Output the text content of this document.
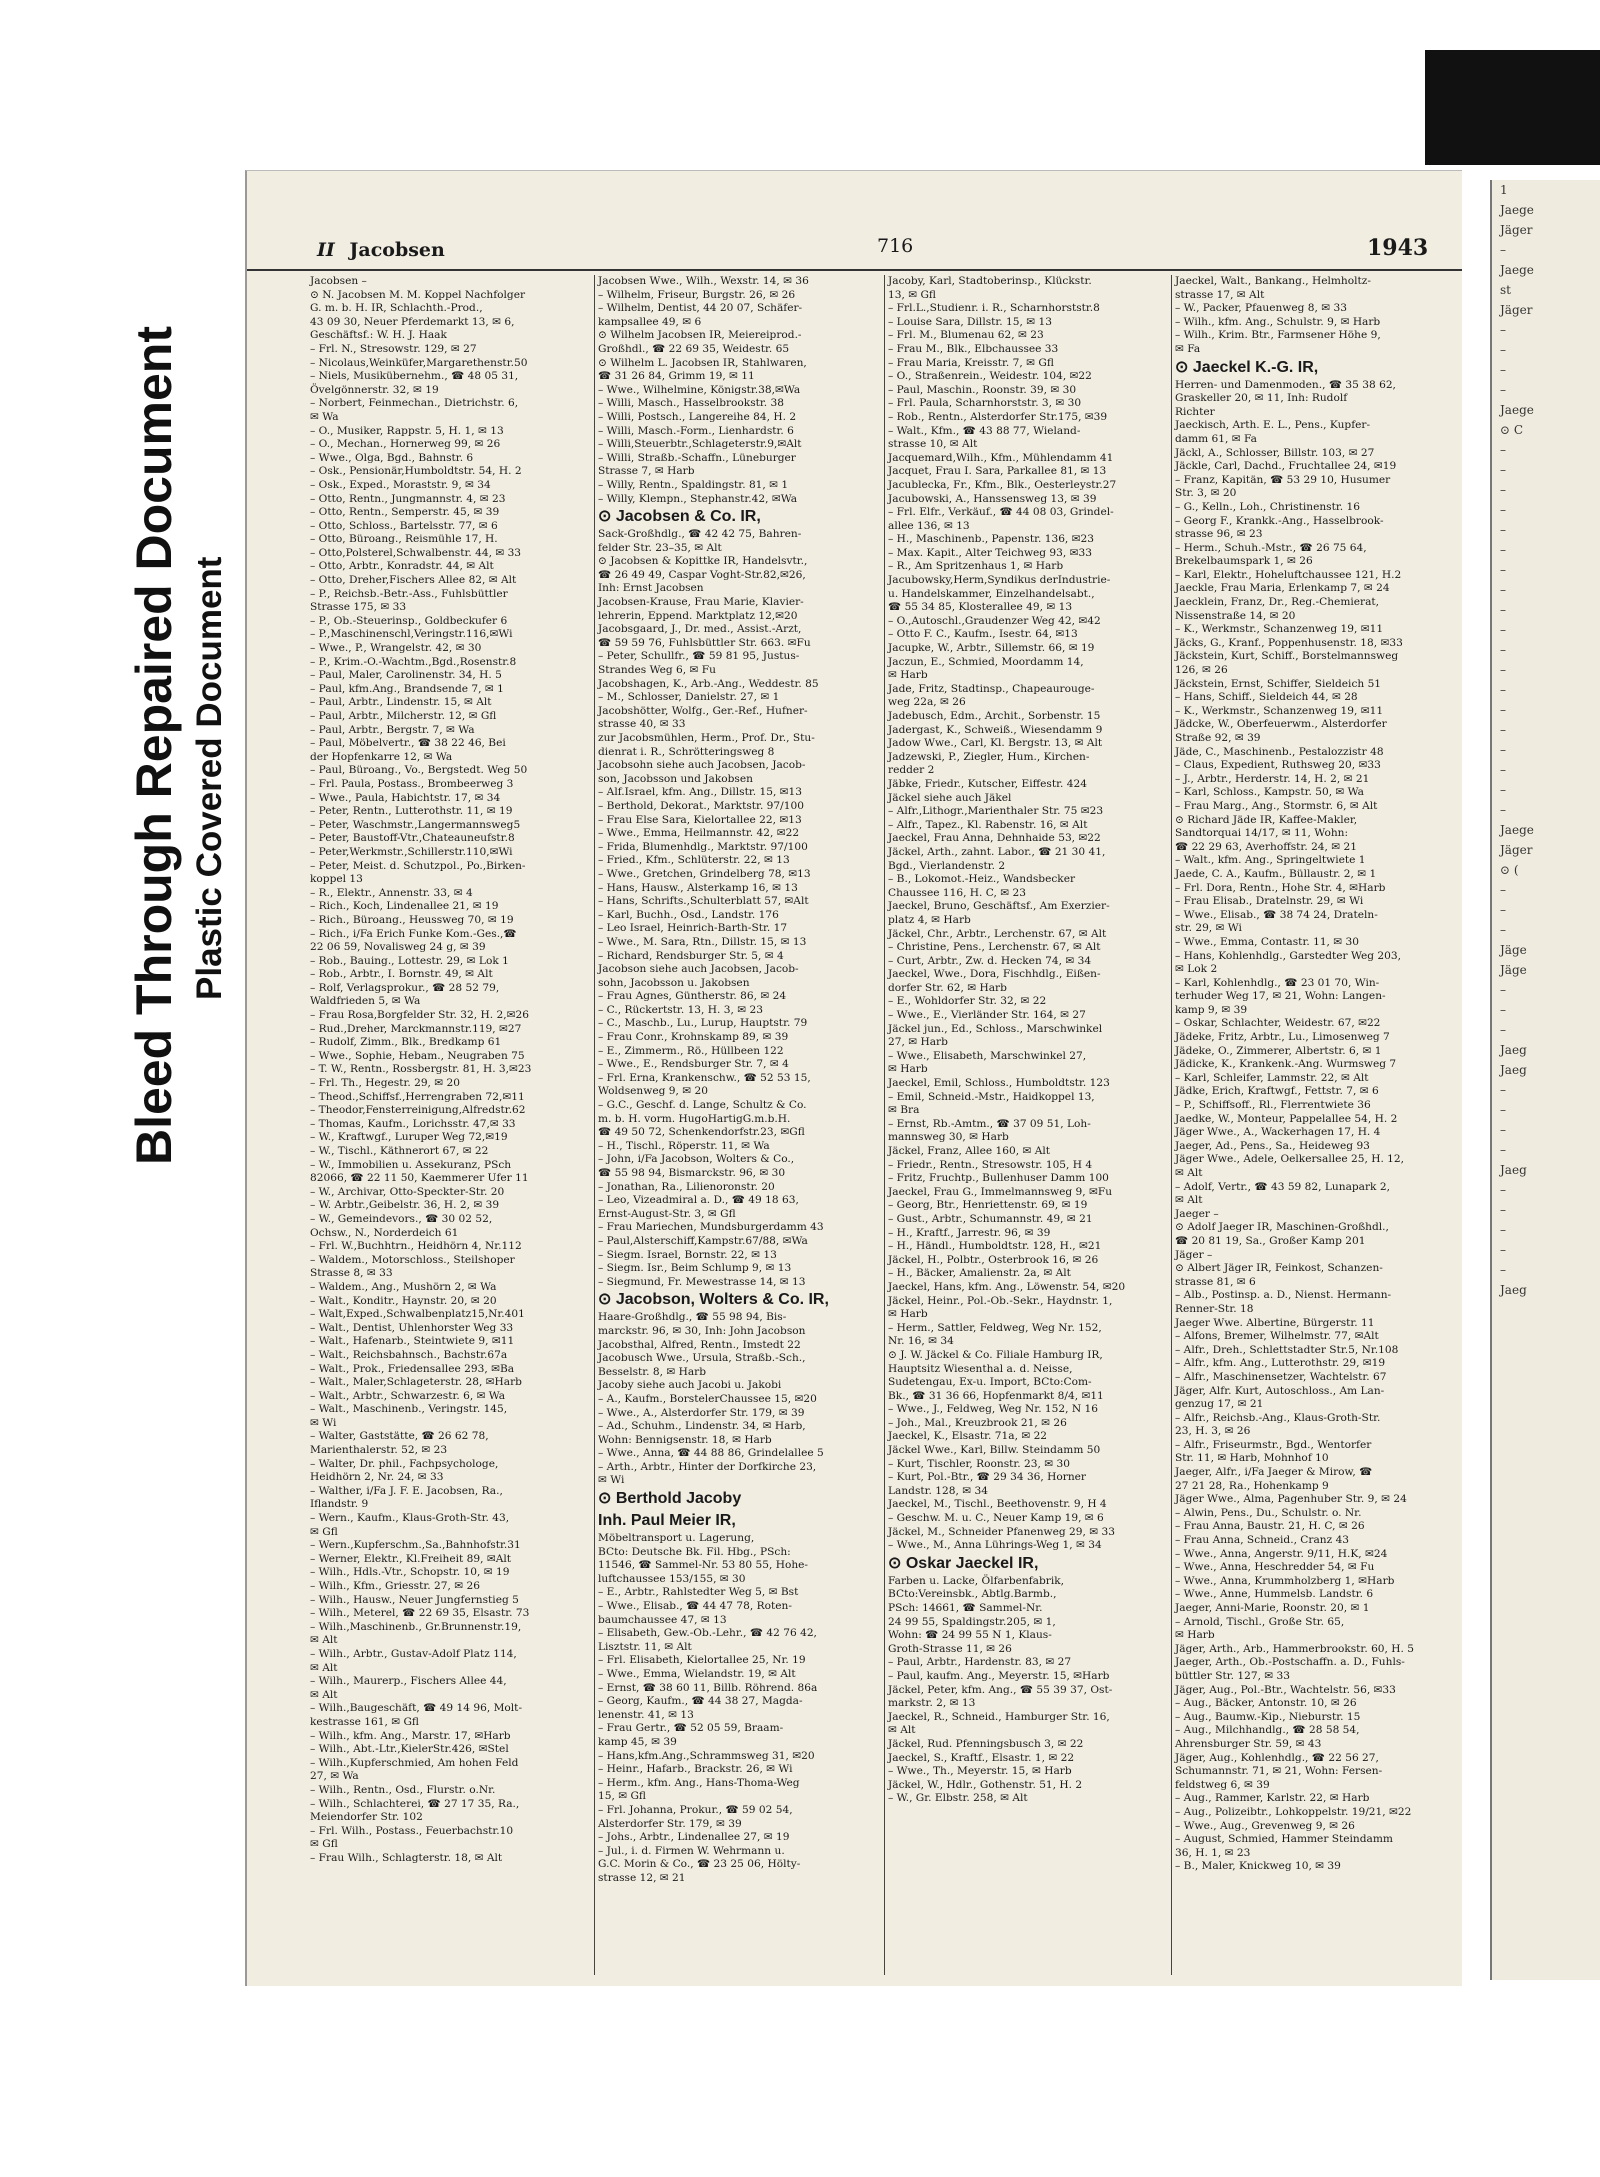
Bleed Through Repaired Document Plastic Covered Document
II Jacobsen	716	1943
Jacobsen –
⊙ N. Jacobsen M. M. Koppel Nachfolger
G. m. b. H. IR, Schlachth.-Prod.,
43 09 30, Neuer Pferdemarkt 13, ✉ 6,
Geschäftsf.: W. H. J. Haak
– Frl. N., Stresowstr. 129, ✉ 27
– Nicolaus,Weinküfer,Margarethenstr.50
– Niels, Musikübernehm., ☎ 48 05 31,
Övelgönnerstr. 32, ✉ 19
– Norbert, Feinmechan., Dietrichstr. 6,
✉ Wa
– O., Musiker, Rappstr. 5, H. 1, ✉ 13
– O., Mechan., Hornerweg 99, ✉ 26
– Wwe., Olga, Bgd., Bahnstr. 6
– Osk., Pensionär,Humboldtstr. 54, H. 2
– Osk., Exped., Moraststr. 9, ✉ 34
– Otto, Rentn., Jungmannstr. 4, ✉ 23
– Otto, Rentn., Semperstr. 45, ✉ 39
– Otto, Schloss., Bartelsstr. 77, ✉ 6
– Otto, Büroang., Reismühle 17, H.
– Otto,Polsterel,Schwalbenstr. 44, ✉ 33
– Otto, Arbtr., Konradstr. 44, ✉ Alt
– Otto, Dreher,Fischers Allee 82, ✉ Alt
– P., Reichsb.-Betr.-Ass., Fuhlsbüttler
Strasse 175, ✉ 33
– P., Ob.-Steuerinsp., Goldbeckufer 6
– P.,Maschinenschl,Veringstr.116,✉Wi
– Wwe., P., Wrangelstr. 42, ✉ 30
– P., Krim.-O.-Wachtm.,Bgd.,Rosenstr.8
– Paul, Maler, Carolinenstr. 34, H. 5
– Paul, kfm.Ang., Brandsende 7, ✉ 1
– Paul, Arbtr., Lindenstr. 15, ✉ Alt
– Paul, Arbtr., Milcherstr. 12, ✉ Gfl
– Paul, Arbtr., Bergstr. 7, ✉ Wa
– Paul, Möbelvertr., ☎ 38 22 46, Bei
der Hopfenkarre 12, ✉ Wa
– Paul, Büroang., Vo., Bergstedt. Weg 50
– Frl. Paula, Postass., Brombeerweg 3
– Wwe., Paula, Habichtstr. 17, ✉ 34
– Peter, Rentn., Lutterothstr. 11, ✉ 19
– Peter, Waschmstr.,Langermannsweg5
– Peter, Baustoff-Vtr.,Chateauneufstr.8
– Peter,Werkmstr.,Schillerstr.110,✉Wi
– Peter, Meist. d. Schutzpol., Po.,Birken-
koppel 13
– R., Elektr., Annenstr. 33, ✉ 4
– Rich., Koch, Lindenallee 21, ✉ 19
– Rich., Büroang., Heussweg 70, ✉ 19
– Rich., i/Fa Erich Funke Kom.-Ges.,☎
22 06 59, Novalisweg 24 g, ✉ 39
– Rob., Bauing., Lottestr. 29, ✉ Lok 1
– Rob., Arbtr., I. Bornstr. 49, ✉ Alt
– Rolf, Verlagsprokur., ☎ 28 52 79,
Waldfrieden 5, ✉ Wa
– Frau Rosa,Borgfelder Str. 32, H. 2,✉26
– Rud.,Dreher, Marckmannstr.119, ✉27
– Rudolf, Zimm., Blk., Bredkamp 61
– Wwe., Sophie, Hebam., Neugraben 75
– T. W., Rentn., Rossbergstr. 81, H. 3,✉23
– Frl. Th., Hegestr. 29, ✉ 20
– Theod.,Schiffsf.,Herrengraben 72,✉11
– Theodor,Fensterreinigung,Alfredstr.62
– Thomas, Kaufm., Lorichsstr. 47,✉ 33
– W., Kraftwgf., Luruper Weg 72,✉19
– W., Tischl., Käthnerort 67, ✉ 22
– W., Immobilien u. Assekuranz, PSch
82066, ☎ 22 11 50, Kaemmerer Ufer 11
– W., Archivar, Otto-Speckter-Str. 20
– W. Arbtr.,Geibelstr. 36, H. 2, ✉ 39
– W., Gemeindevors., ☎ 30 02 52,
Ochsw., N., Norderdeich 61
– Frl. W.,Buchhtrn., Heidhörn 4, Nr.112
– Waldem., Motorschloss., Steilshoper
Strasse 8, ✉ 33
– Waldem., Ang., Mushörn 2, ✉ Wa
– Walt., Konditr., Haynstr. 20, ✉ 20
– Walt,Exped.,Schwalbenplatz15,Nr.401
– Walt., Dentist, Uhlenhorster Weg 33
– Walt., Hafenarb., Steintwiete 9, ✉11
– Walt., Reichsbahnsch., Bachstr.67a
– Walt., Prok., Friedensallee 293, ✉Ba
– Walt., Maler,Schlageterstr. 28, ✉Harb
– Walt., Arbtr., Schwarzestr. 6, ✉ Wa
– Walt., Maschinenb., Veringstr. 145,
✉ Wi
– Walter, Gaststätte, ☎ 26 62 78,
Marienthalerstr. 52, ✉ 23
– Walter, Dr. phil., Fachpsychologe,
Heidhörn 2, Nr. 24, ✉ 33
– Walther, i/Fa J. F. E. Jacobsen, Ra.,
Iflandstr. 9
– Wern., Kaufm., Klaus-Groth-Str. 43,
✉ Gfl
– Wern.,Kupferschm.,Sa.,Bahnhofstr.31
– Werner, Elektr., Kl.Freiheit 89, ✉Alt
– Wilh., Hdls.-Vtr., Schopstr. 10, ✉ 19
– Wilh., Kfm., Griesstr. 27, ✉ 26
– Wilh., Hausw., Neuer Jungfernstieg 5
– Wilh., Meterel, ☎ 22 69 35, Elsastr. 73
– Wilh.,Maschinenb., Gr.Brunnenstr.19,
✉ Alt
– Wilh., Arbtr., Gustav-Adolf Platz 114,
✉ Alt
– Wilh., Maurerp., Fischers Allee 44,
✉ Alt
– Wilh.,Baugeschäft, ☎ 49 14 96, Molt-
kestrasse 161, ✉ Gfl
– Wilh., kfm. Ang., Marstr. 17, ✉Harb
– Wilh., Abt.-Ltr.,KielerStr.426, ✉Stel
– Wilh.,Kupferschmied, Am hohen Feld
27, ✉ Wa
– Wilh., Rentn., Osd., Flurstr. o.Nr.
– Wilh., Schlachterei, ☎ 27 17 35, Ra.,
Meiendorfer Str. 102
– Frl. Wilh., Postass., Feuerbachstr.10
✉ Gfl
– Frau Wilh., Schlagterstr. 18, ✉ Alt
Jacobsen Wwe., Wilh., Wexstr. 14, ✉ 36
– Wilhelm, Friseur, Burgstr. 26, ✉ 26
– Wilhelm, Dentist, 44 20 07, Schäfer-
kampsallee 49, ✉ 6
⊙ Wilhelm Jacobsen IR, Meiereiprod.-
Großhdl., ☎ 22 69 35, Weidestr. 65
⊙ Wilhelm L. Jacobsen IR, Stahlwaren,
☎ 31 26 84, Grimm 19, ✉ 11
– Wwe., Wilhelmine, Königstr.38,✉Wa
– Willi, Masch., Hasselbrookstr. 38
– Willi, Postsch., Langereihe 84, H. 2
– Willi, Masch.-Form., Lienhardstr. 6
– Willi,Steuerbtr.,Schlageterstr.9,✉Alt
– Willi, Straßb.-Schaffn., Lüneburger
Strasse 7, ✉ Harb
– Willy, Rentn., Spaldingstr. 81, ✉ 1
– Willy, Klempn., Stephanstr.42, ✉Wa
⊙ Jacobsen & Co. IR,
Sack-Großhdlg., ☎ 42 42 75, Bahren-
felder Str. 23–35, ✉ Alt
⊙ Jacobsen & Kopittke IR, Handelsvtr.,
☎ 26 49 49, Caspar Voght-Str.82,✉26,
Inh: Ernst Jacobsen
Jacobsen-Krause, Frau Marie, Klavier-
lehrerin, Eppend. Marktplatz 12,✉20
Jacobsgaard, J., Dr. med., Assist.-Arzt,
☎ 59 59 76, Fuhlsbüttler Str. 663. ✉Fu
– Peter, Schullfr., ☎ 59 81 95, Justus-
Strandes Weg 6, ✉ Fu
Jacobshagen, K., Arb.-Ang., Weddestr. 85
– M., Schlosser, Danielstr. 27, ✉ 1
Jacobshötter, Wolfg., Ger.-Ref., Hufner-
strasse 40, ✉ 33
zur Jacobsmühlen, Herm., Prof. Dr., Stu-
dienrat i. R., Schrötteringsweg 8
Jacobsohn siehe auch Jacobsen, Jacob-
son, Jacobsson und Jakobsen
– Alf.Israel, kfm. Ang., Dillstr. 15, ✉13
– Berthold, Dekorat., Marktstr. 97/100
– Frau Else Sara, Kielortallee 22, ✉13
– Wwe., Emma, Heilmannstr. 42, ✉22
– Frida, Blumenhdlg., Marktstr. 97/100
– Fried., Kfm., Schlüterstr. 22, ✉ 13
– Wwe., Gretchen, Grindelberg 78, ✉13
– Hans, Hausw., Alsterkamp 16, ✉ 13
– Hans, Schrifts.,Schulterblatt 57, ✉Alt
– Karl, Buchh., Osd., Landstr. 176
– Leo Israel, Heinrich-Barth-Str. 17
– Wwe., M. Sara, Rtn., Dillstr. 15, ✉ 13
– Richard, Rendsburger Str. 5, ✉ 4
Jacobson siehe auch Jacobsen, Jacob-
sohn, Jacobsson u. Jakobsen
– Frau Agnes, Güntherstr. 86, ✉ 24
– C., Rückertstr. 13, H. 3, ✉ 23
– C., Maschb., Lu., Lurup, Hauptstr. 79
– Frau Conr., Krohnskamp 89, ✉ 39
– E., Zimmerm., Rö., Hüllbeen 122
– Wwe., E., Rendsburger Str. 7, ✉ 4
– Frl. Erna, Krankenschw., ☎ 52 53 15,
Woldsenweg 9, ✉ 20
– G.C., Geschf. d. Lange, Schultz & Co.
m. b. H. vorm. HugoHartigG.m.b.H.
☎ 49 50 72, Schenkendorfstr.23, ✉Gfl
– H., Tischl., Röperstr. 11, ✉ Wa
– John, i/Fa Jacobson, Wolters & Co.,
☎ 55 98 94, Bismarckstr. 96, ✉ 30
– Jonathan, Ra., Lilienoronstr. 20
– Leo, Vizeadmiral a. D., ☎ 49 18 63,
Ernst-August-Str. 3, ✉ Gfl
– Frau Mariechen, Mundsburgerdamm 43
– Paul,Alsterschiff,Kampstr.67/88, ✉Wa
– Siegm. Israel, Bornstr. 22, ✉ 13
– Siegm. Isr., Beim Schlump 9, ✉ 13
– Siegmund, Fr. Mewestrasse 14, ✉ 13
⊙ Jacobson, Wolters & Co. IR,
Haare-Großhdlg., ☎ 55 98 94, Bis-
marckstr. 96, ✉ 30, Inh: John Jacobson
Jacobsthal, Alfred, Rentn., Imstedt 22
Jacobusch Wwe., Ursula, Straßb.-Sch.,
Besselstr. 8, ✉ Harb
Jacoby siehe auch Jacobi u. Jakobi
– A., Kaufm., BorstelerChaussee 15, ✉20
– Wwe., A., Alsterdorfer Str. 179, ✉ 39
– Ad., Schuhm., Lindenstr. 34, ✉ Harb,
Wohn: Bennigsenstr. 18, ✉ Harb
– Wwe., Anna, ☎ 44 88 86, Grindelallee 5
– Arth., Arbtr., Hinter der Dorfkirche 23,
✉ Wi
⊙ Berthold Jacoby
Inh. Paul Meier IR,
Möbeltransport u. Lagerung,
BCto: Deutsche Bk. Fil. Hbg., PSch:
11546, ☎ Sammel-Nr. 53 80 55, Hohe-
luftchaussee 153/155, ✉ 30
– E., Arbtr., Rahlstedter Weg 5, ✉ Bst
– Wwe., Elisab., ☎ 44 47 78, Roten-
baumchaussee 47, ✉ 13
– Elisabeth, Gew.-Ob.-Lehr., ☎ 42 76 42,
Lisztstr. 11, ✉ Alt
– Frl. Elisabeth, Kielortallee 25, Nr. 19
– Wwe., Emma, Wielandstr. 19, ✉ Alt
– Ernst, ☎ 38 60 11, Billb. Röhrend. 86a
– Georg, Kaufm., ☎ 44 38 27, Magda-
lenenstr. 41, ✉ 13
– Frau Gertr., ☎ 52 05 59, Braam-
kamp 45, ✉ 39
– Hans,kfm.Ang.,Schrammsweg 31, ✉20
– Heinr., Hafarb., Brackstr. 26, ✉ Wi
– Herm., kfm. Ang., Hans-Thoma-Weg
15, ✉ Gfl
– Frl. Johanna, Prokur., ☎ 59 02 54,
Alsterdorfer Str. 179, ✉ 39
– Johs., Arbtr., Lindenallee 27, ✉ 19
– Jul., i. d. Firmen W. Wehrmann u.
G.C. Morin & Co., ☎ 23 25 06, Hölty-
strasse 12, ✉ 21
Jacoby, Karl, Stadtoberinsp., Klückstr.
13, ✉ Gfl
– Frl.L.,Studienr. i. R., Scharnhorststr.8
– Louise Sara, Dillstr. 15, ✉ 13
– Frl. M., Blumenau 62, ✉ 23
– Frau M., Blk., Elbchaussee 33
– Frau Maria, Kreisstr. 7, ✉ Gfl
– O., Straßenrein., Weidestr. 104, ✉22
– Paul, Maschin., Roonstr. 39, ✉ 30
– Frl. Paula, Scharnhorststr. 3, ✉ 30
– Rob., Rentn., Alsterdorfer Str.175, ✉39
– Walt., Kfm., ☎ 43 88 77, Wieland-
strasse 10, ✉ Alt
Jacquemard,Wilh., Kfm., Mühlendamm 41
Jacquet, Frau I. Sara, Parkallee 81, ✉ 13
Jacublecka, Fr., Kfm., Blk., Oesterleystr.27
Jacubowski, A., Hanssensweg 13, ✉ 39
– Frl. Elfr., Verkäuf., ☎ 44 08 03, Grindel-
allee 136, ✉ 13
– H., Maschinenb., Papenstr. 136, ✉23
– Max. Kapit., Alter Teichweg 93, ✉33
– R., Am Spritzenhaus 1, ✉ Harb
Jacubowsky,Herm,Syndikus derIndustrie-
u. Handelskammer, Einzelhandelsabt.,
☎ 55 34 85, Klosterallee 49, ✉ 13
– O.,Autoschl.,Graudenzer Weg 42, ✉42
– Otto F. C., Kaufm., Isestr. 64, ✉13
Jacupke, W., Arbtr., Sillemstr. 66, ✉ 19
Jaczun, E., Schmied, Moordamm 14,
✉ Harb
Jade, Fritz, Stadtinsp., Chapeaurouge-
weg 22a, ✉ 26
Jadebusch, Edm., Archit., Sorbenstr. 15
Jadergast, K., Schweiß., Wiesendamm 9
Jadow Wwe., Carl, Kl. Bergstr. 13, ✉ Alt
Jadzewski, P., Ziegler, Hum., Kirchen-
redder 2
Jäbke, Friedr., Kutscher, Eiffestr. 424
Jäckel siehe auch Jäkel
– Alfr.,Lithogr.,Marienthaler Str. 75 ✉23
– Alfr., Tapez., Kl. Rabenstr. 16, ✉ Alt
Jaeckel, Frau Anna, Dehnhaide 53, ✉22
Jäckel, Arth., zahnt. Labor., ☎ 21 30 41,
Bgd., Vierlandenstr. 2
– B., Lokomot.-Heiz., Wandsbecker
Chaussee 116, H. C, ✉ 23
Jaeckel, Bruno, Geschäftsf., Am Exerzier-
platz 4, ✉ Harb
Jäckel, Chr., Arbtr., Lerchenstr. 67, ✉ Alt
– Christine, Pens., Lerchenstr. 67, ✉ Alt
– Curt, Arbtr., Zw. d. Hecken 74, ✉ 34
Jaeckel, Wwe., Dora, Fischhdlg., Eißen-
dorfer Str. 62, ✉ Harb
– E., Wohldorfer Str. 32, ✉ 22
– Wwe., E., Vierländer Str. 164, ✉ 27
Jäckel jun., Ed., Schloss., Marschwinkel
27, ✉ Harb
– Wwe., Elisabeth, Marschwinkel 27,
✉ Harb
Jaeckel, Emil, Schloss., Humboldtstr. 123
– Emil, Schneid.-Mstr., Haidkoppel 13,
✉ Bra
– Ernst, Rb.-Amtm., ☎ 37 09 51, Loh-
mannsweg 30, ✉ Harb
Jäckel, Franz, Allee 160, ✉ Alt
– Friedr., Rentn., Stresowstr. 105, H 4
– Fritz, Fruchtp., Bullenhuser Damm 100
Jaeckel, Frau G., Immelmannsweg 9, ✉Fu
– Georg, Btr., Henriettenstr. 69, ✉ 19
– Gust., Arbtr., Schumannstr. 49, ✉ 21
– H., Kraftf., Jarrestr. 96, ✉ 39
– H., Händl., Humboldtstr. 128, H., ✉21
Jäckel, H., Polbtr., Osterbrook 16, ✉ 26
– H., Bäcker, Amalienstr. 2a, ✉ Alt
Jaeckel, Hans, kfm. Ang., Löwenstr. 54, ✉20
Jäckel, Heinr., Pol.-Ob.-Sekr., Haydnstr. 1,
✉ Harb
– Herm., Sattler, Feldweg, Weg Nr. 152,
Nr. 16, ✉ 34
⊙ J. W. Jäckel & Co. Filiale Hamburg IR,
Hauptsitz Wiesenthal a. d. Neisse,
Sudetengau, Ex-u. Import, BCto:Com-
Bk., ☎ 31 36 66, Hopfenmarkt 8/4, ✉11
– Wwe., J., Feldweg, Weg Nr. 152, N 16
– Joh., Mal., Kreuzbrook 21, ✉ 26
Jaeckel, K., Elsastr. 71a, ✉ 22
Jäckel Wwe., Karl, Billw. Steindamm 50
– Kurt, Tischler, Roonstr. 23, ✉ 30
– Kurt, Pol.-Btr., ☎ 29 34 36, Horner
Landstr. 128, ✉ 34
Jaeckel, M., Tischl., Beethovenstr. 9, H 4
– Geschw. M. u. C., Neuer Kamp 19, ✉ 6
Jäckel, M., Schneider Pfanenweg 29, ✉ 33
– Wwe., M., Anna Lührings-Weg 1, ✉ 34
⊙ Oskar Jaeckel IR,
Farben u. Lacke, Ölfarbenfabrik,
BCto:Vereinsbk., Abtlg.Barmb.,
PSch: 14661, ☎ Sammel-Nr.
24 99 55, Spaldingstr.205, ✉ 1,
Wohn: ☎ 24 99 55 N 1, Klaus-
Groth-Strasse 11, ✉ 26
– Paul, Arbtr., Hardenstr. 83, ✉ 27
– Paul, kaufm. Ang., Meyerstr. 15, ✉Harb
Jäckel, Peter, kfm. Ang., ☎ 55 39 37, Ost-
markstr. 2, ✉ 13
Jaeckel, R., Schneid., Hamburger Str. 16,
✉ Alt
Jäckel, Rud. Pfenningsbusch 3, ✉ 22
Jaeckel, S., Kraftf., Elsastr. 1, ✉ 22
– Wwe., Th., Meyerstr. 15, ✉ Harb
Jäckel, W., Hdlr., Gothenstr. 51, H. 2
– W., Gr. Elbstr. 258, ✉ Alt
Jaeckel, Walt., Bankang., Helmholtz-
strasse 17, ✉ Alt
– W., Packer, Pfauenweg 8, ✉ 33
– Wilh., kfm. Ang., Schulstr. 9, ✉ Harb
– Wilh., Krim. Btr., Farmsener Höhe 9,
✉ Fa
⊙ Jaeckel K.-G. IR,
Herren- und Damenmoden., ☎ 35 38 62,
Graskeller 20, ✉ 11, Inh: Rudolf
Richter
Jaeckisch, Arth. E. L., Pens., Kupfer-
damm 61, ✉ Fa
Jäckl, A., Schlosser, Billstr. 103, ✉ 27
Jäckle, Carl, Dachd., Fruchtallee 24, ✉19
– Franz, Kapitän, ☎ 53 29 10, Husumer
Str. 3, ✉ 20
– G., Kelln., Loh., Christinenstr. 16
– Georg F., Krankk.-Ang., Hasselbrook-
strasse 96, ✉ 23
– Herm., Schuh.-Mstr., ☎ 26 75 64,
Brekelbaumspark 1, ✉ 26
– Karl, Elektr., Hoheluftchaussee 121, H.2
Jaeckle, Frau Maria, Erlenkamp 7, ✉ 24
Jaecklein, Franz, Dr., Reg.-Chemierat,
Nissenstraße 14, ✉ 20
– K., Werkmstr., Schanzenweg 19, ✉11
Jäcks, G., Kranf., Poppenhusenstr. 18, ✉33
Jäckstein, Kurt, Schiff., Borstelmannsweg
126, ✉ 26
Jäckstein, Ernst, Schiffer, Sieldeich 51
– Hans, Schiff., Sieldeich 44, ✉ 28
– K., Werkmstr., Schanzenweg 19, ✉11
Jädcke, W., Oberfeuerwm., Alsterdorfer
Straße 92, ✉ 39
Jäde, C., Maschinenb., Pestalozzistr 48
– Claus, Expedient, Ruthsweg 20, ✉33
– J., Arbtr., Herderstr. 14, H. 2, ✉ 21
– Karl, Schloss., Kampstr. 50, ✉ Wa
– Frau Marg., Ang., Stormstr. 6, ✉ Alt
⊙ Richard Jäde IR, Kaffee-Makler,
Sandtorquai 14/17, ✉ 11, Wohn:
☎ 22 29 63, Averhoffstr. 24, ✉ 21
– Walt., kfm. Ang., Springeltwiete 1
Jaede, C. A., Kaufm., Büllaustr. 2, ✉ 1
– Frl. Dora, Rentn., Hohe Str. 4, ✉Harb
– Frau Elisab., Dratelnstr. 29, ✉ Wi
– Wwe., Elisab., ☎ 38 74 24, Drateln-
str. 29, ✉ Wi
– Wwe., Emma, Contastr. 11, ✉ 30
– Hans, Kohlenhdlg., Garstedter Weg 203,
✉ Lok 2
– Karl, Kohlenhdlg., ☎ 23 01 70, Win-
terhuder Weg 17, ✉ 21, Wohn: Langen-
kamp 9, ✉ 39
– Oskar, Schlachter, Weidestr. 67, ✉22
Jädeke, Fritz, Arbtr., Lu., Limosenweg 7
Jädeke, O., Zimmerer, Albertstr. 6, ✉ 1
Jädicke, K., Krankenk.-Ang. Wurmsweg 7
– Karl, Schleifer, Lammstr. 22, ✉ Alt
Jädke, Erich, Kraftwgf., Fettstr. 7, ✉ 6
– P., Schiffsoff., Rl., Flerrentwiete 36
Jaedke, W., Monteur, Pappelallee 54, H. 2
Jäger Wwe., A., Wackerhagen 17, H. 4
Jaeger, Ad., Pens., Sa., Heideweg 93
Jäger Wwe., Adele, Oelkersallee 25, H. 12,
✉ Alt
– Adolf, Vertr., ☎ 43 59 82, Lunapark 2,
✉ Alt
Jaeger –
⊙ Adolf Jaeger IR, Maschinen-Großhdl.,
☎ 20 81 19, Sa., Großer Kamp 201
Jäger –
⊙ Albert Jäger IR, Feinkost, Schanzen-
strasse 81, ✉ 6
– Alb., Postinsp. a. D., Nienst. Hermann-
Renner-Str. 18
Jaeger Wwe. Albertine, Bürgerstr. 11
– Alfons, Bremer, Wilhelmstr. 77, ✉Alt
– Alfr., Dreh., Schlettstadter Str.5, Nr.108
– Alfr., kfm. Ang., Lutterothstr. 29, ✉19
– Alfr., Maschinensetzer, Wachtelstr. 67
Jäger, Alfr. Kurt, Autoschloss., Am Lan-
genzug 17, ✉ 21
– Alfr., Reichsb.-Ang., Klaus-Groth-Str.
23, H. 3, ✉ 26
– Alfr., Friseurmstr., Bgd., Wentorfer
Str. 11, ✉ Harb, Mohnhof 10
Jaeger, Alfr., i/Fa Jaeger & Mirow, ☎
27 21 28, Ra., Hohenkamp 9
Jäger Wwe., Alma, Pagenhuber Str. 9, ✉ 24
– Alwin, Pens., Du., Schulstr. o. Nr.
– Frau Anna, Baustr. 21, H. C, ✉ 26
– Frau Anna, Schneid., Cranz 43
– Wwe., Anna, Angerstr. 9/11, H.K, ✉24
– Wwe., Anna, Heschredder 54, ✉ Fu
– Wwe., Anna, Krummholzberg 1, ✉Harb
– Wwe., Anne, Hummelsb. Landstr. 6
Jaeger, Anni-Marie, Roonstr. 20, ✉ 1
– Arnold, Tischl., Große Str. 65,
✉ Harb
Jäger, Arth., Arb., Hammerbrookstr. 60, H. 5
Jaeger, Arth., Ob.-Postschaffn. a. D., Fuhls-
büttler Str. 127, ✉ 33
Jäger, Aug., Pol.-Btr., Wachtelstr. 56, ✉33
– Aug., Bäcker, Antonstr. 10, ✉ 26
– Aug., Baumw.-Kip., Nieburstr. 15
– Aug., Milchhandlg., ☎ 28 58 54,
Ahrensburger Str. 59, ✉ 43
Jäger, Aug., Kohlenhdlg., ☎ 22 56 27,
Schumannstr. 71, ✉ 21, Wohn: Fersen-
feldstweg 6, ✉ 39
– Aug., Rammer, Karlstr. 22, ✉ Harb
– Aug., Polizeibtr., Lohkoppelstr. 19/21, ✉22
– Wwe., Aug., Grevenweg 9, ✉ 26
– August, Schmied, Hammer Steindamm
36, H. 1, ✉ 23
– B., Maler, Knickweg 10, ✉ 39
1
Jaege
Jäger
–
Jaege
st
Jäger
–
–
–
–
Jaege
⊙ C
–
–
–
–
–
–
–
–
–
–
–
–
–
–
–
–
–
–
–
Jaege
Jäger
⊙ (
–
–
–
Jäge
Jäge
–
–
–
Jaeg
Jaeg
–
–
–
–
Jaeg
–
–
–
–
–
Jaeg
